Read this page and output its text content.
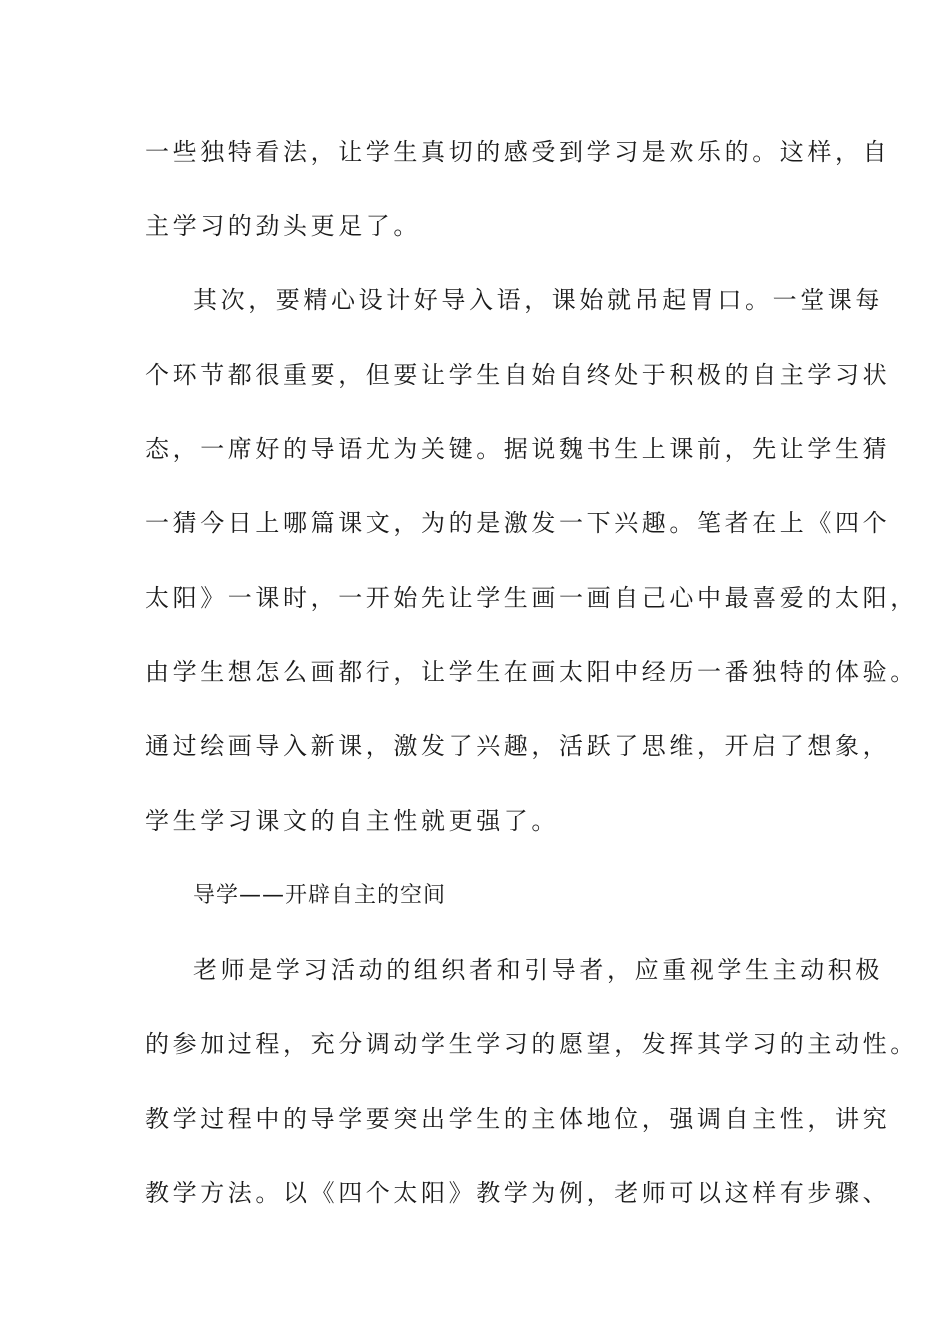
一些独特看法，让学生真切的感受到学习是欢乐的。这样，自
主学习的劲头更足了。
其次，要精心设计好导入语，课始就吊起胃口。一堂课每
个环节都很重要，但要让学生自始自终处于积极的自主学习状
态，一席好的导语尤为关键。据说魏书生上课前，先让学生猜
一猜今日上哪篇课文，为的是激发一下兴趣。笔者在上《四个
太阳》一课时，一开始先让学生画一画自己心中最喜爱的太阳，
由学生想怎么画都行，让学生在画太阳中经历一番独特的体验。
通过绘画导入新课，激发了兴趣，活跃了思维，开启了想象，
学生学习课文的自主性就更强了。
导学——开辟自主的空间
老师是学习活动的组织者和引导者，应重视学生主动积极
的参加过程，充分调动学生学习的愿望，发挥其学习的主动性。
教学过程中的导学要突出学生的主体地位，强调自主性，讲究
教学方法。以《四个太阳》教学为例，老师可以这样有步骤、
